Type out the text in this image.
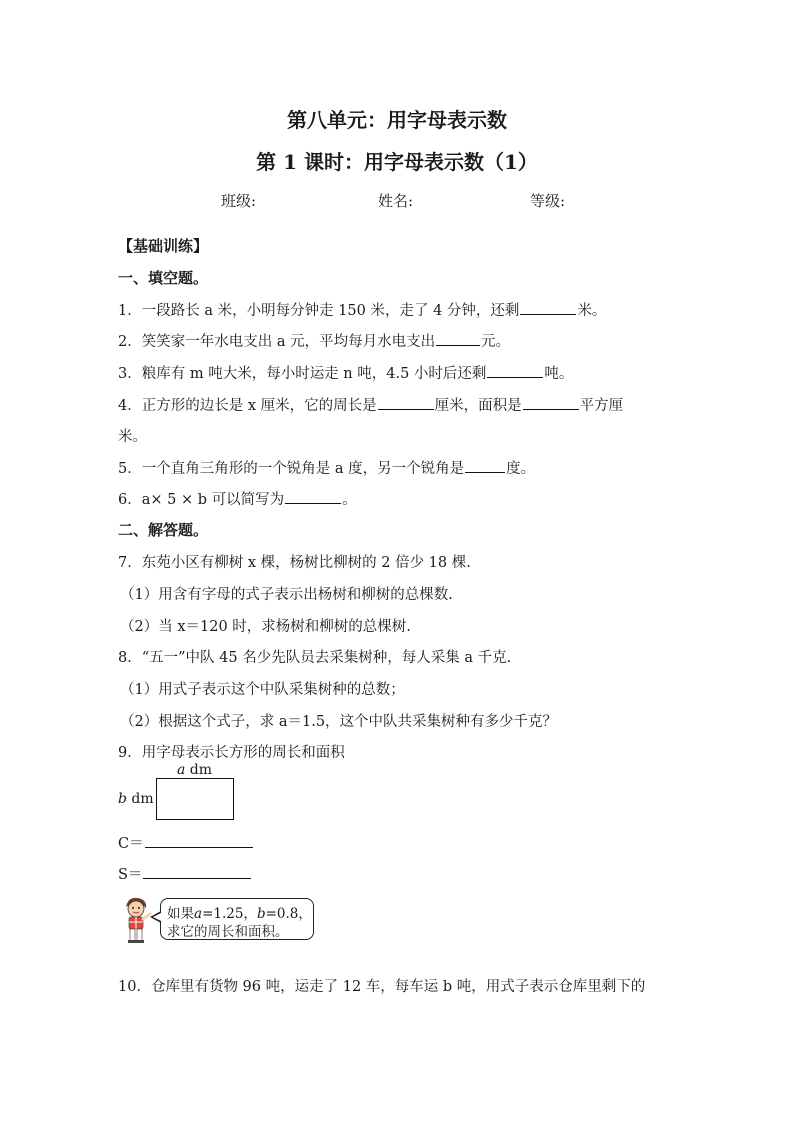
第八单元：用字母表示数
第 1 课时：用字母表示数（1）
班级:	姓名:	等级:
【基础训练】
一、填空题。
1．一段路长 a 米，小明每分钟走 150 米，走了 4 分钟，还剩	米。
2．笑笑家一年水电支出 a 元，平均每月水电支出	元。
3．粮库有 m 吨大米，每小时运走 n 吨，4.5 小时后还剩	吨。
4．正方形的边长是 x 厘米，它的周长是	厘米，面积是	平方厘
米。
5．一个直角三角形的一个锐角是 a 度，另一个锐角是	度。
6．a× 5 × b 可以简写为	。
二、解答题。
7．东苑小区有柳树 x 棵，杨树比柳树的 2 倍少 18 棵.
（1）用含有字母的式子表示出杨树和柳树的总棵数.
（2）当 x＝120 时，求杨树和柳树的总棵树.
8．“五一”中队 45 名少先队员去采集树种，每人采集 a 千克.
（1）用式子表示这个中队采集树种的总数；
（2）根据这个式子，求 a＝1.5，这个中队共采集树种有多少千克？
9．用字母表示长方形的周长和面积
a dm
b dm
C＝
S＝
如果a=1.25，b=0.8，
求它的周长和面积。
10．仓库里有货物 96 吨，运走了 12 车，每车运 b 吨，用式子表示仓库里剩下的
